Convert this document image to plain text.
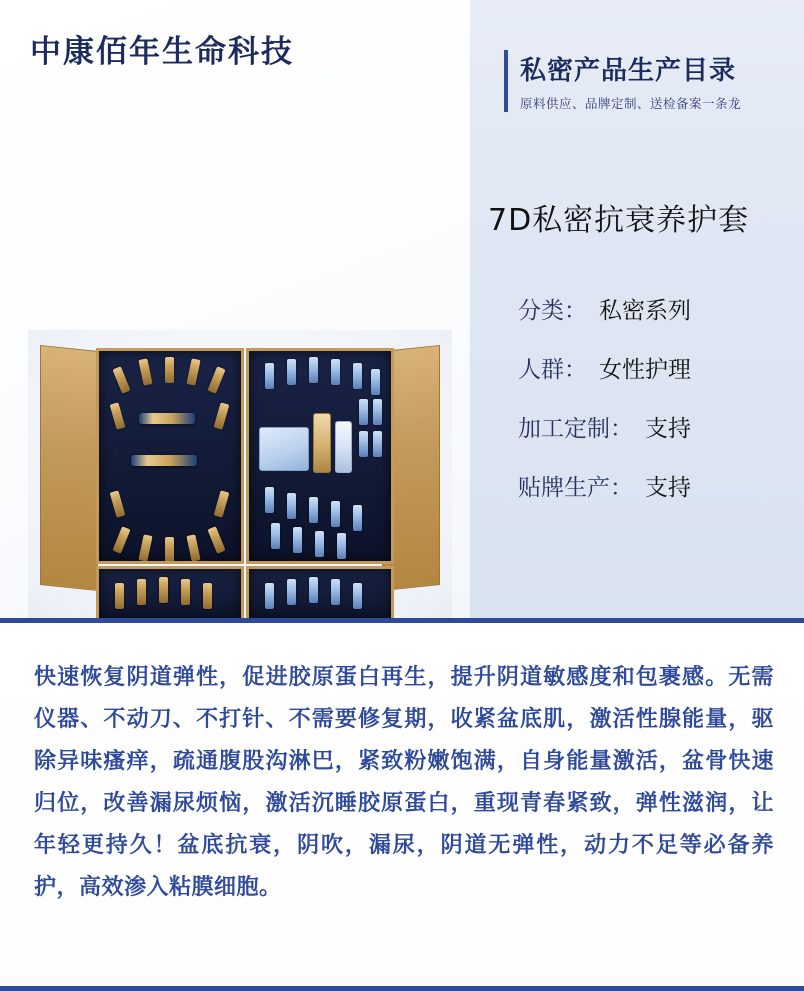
中康佰年生命科技
私密产品生产目录
原料供应、品牌定制、送检备案一条龙
7D私密抗衰养护套
分类： 私密系列
人群： 女性护理
加工定制： 支持
贴牌生产： 支持
快速恢复阴道弹性，促进胶原蛋白再生，提升阴道敏感度和包裹感。无需仪器、不动刀、不打针、不需要修复期，收紧盆底肌，激活性腺能量，驱除异味瘙痒，疏通腹股沟淋巴，紧致粉嫩饱满，自身能量激活，盆骨快速归位，改善漏尿烦恼，激活沉睡胶原蛋白，重现青春紧致，弹性滋润，让年轻更持久！盆底抗衰，阴吹，漏尿，阴道无弹性，动力不足等必备养护，高效渗入粘膜细胞。
